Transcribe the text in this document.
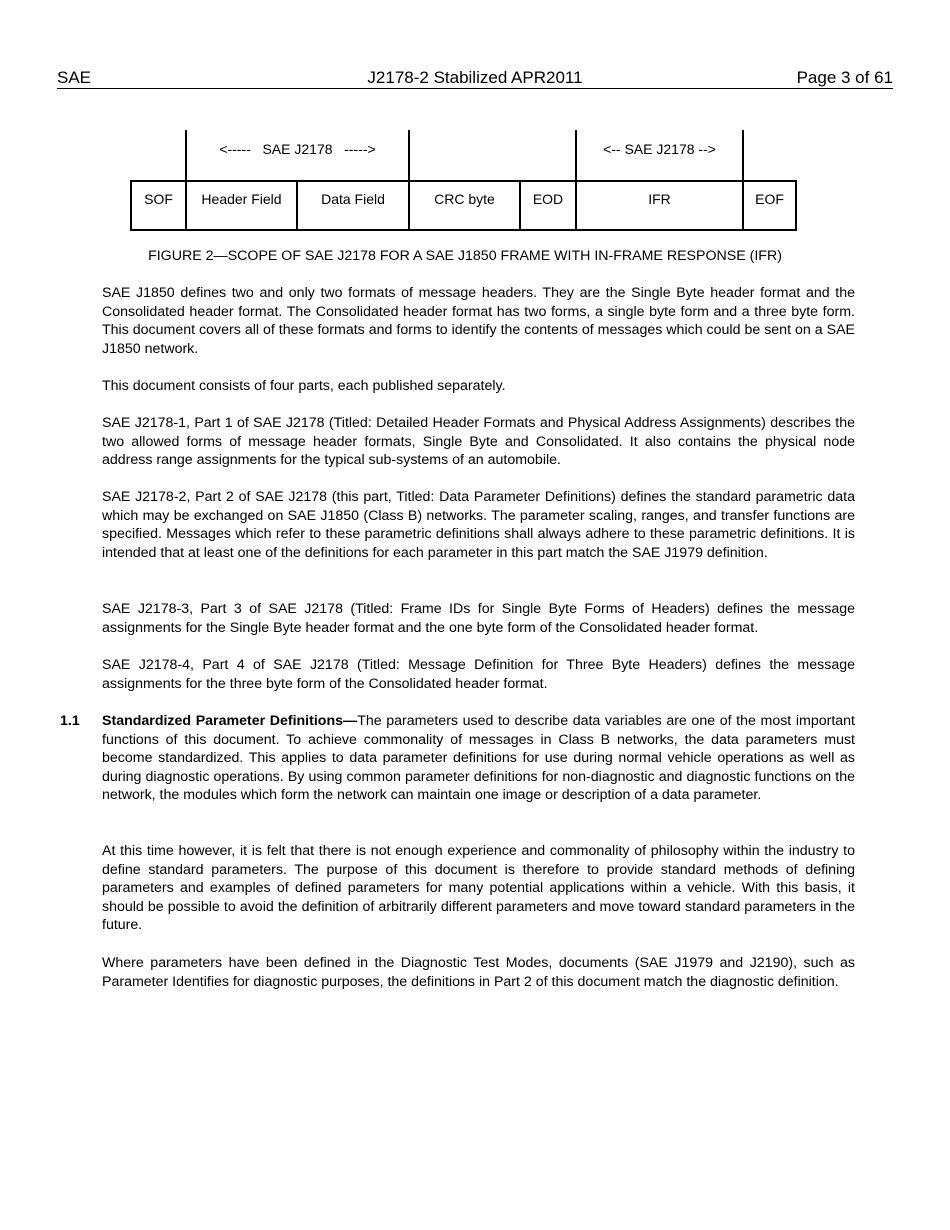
SAE	J2178-2 Stabilized APR2011	Page 3 of 61
<-----   SAE J2178   ----->	<-- SAE J2178 -->
SOF	Header Field	Data Field	CRC byte	EOD	IFR	EOF
FIGURE 2—SCOPE OF SAE J2178 FOR A SAE J1850 FRAME WITH IN-FRAME RESPONSE (IFR)

SAE J1850 defines two and only two formats of message headers. They are the Single Byte header format and the Consolidated header format. The Consolidated header format has two forms, a single byte form and a three byte form. This document covers all of these formats and forms to identify the contents of messages which could be sent on a SAE J1850 network.

This document consists of four parts, each published separately.

SAE J2178-1, Part 1 of SAE J2178 (Titled: Detailed Header Formats and Physical Address Assignments) describes the two allowed forms of message header formats, Single Byte and Consolidated. It also contains the physical node address range assignments for the typical sub-systems of an automobile.

SAE J2178-2, Part 2 of SAE J2178 (this part, Titled: Data Parameter Definitions) defines the standard parametric data which may be exchanged on SAE J1850 (Class B) networks. The parameter scaling, ranges, and transfer functions are specified. Messages which refer to these parametric definitions shall always adhere to these parametric definitions. It is intended that at least one of the definitions for each parameter in this part match the SAE J1979 definition.

SAE J2178-3, Part 3 of SAE J2178 (Titled: Frame IDs for Single Byte Forms of Headers) defines the message assignments for the Single Byte header format and the one byte form of the Consolidated header format.

SAE J2178-4, Part 4 of SAE J2178 (Titled: Message Definition for Three Byte Headers) defines the message assignments for the three byte form of the Consolidated header format.

1.1 Standardized Parameter Definitions—The parameters used to describe data variables are one of the most important functions of this document. To achieve commonality of messages in Class B networks, the data parameters must become standardized. This applies to data parameter definitions for use during normal vehicle operations as well as during diagnostic operations. By using common parameter definitions for non-diagnostic and diagnostic functions on the network, the modules which form the network can maintain one image or description of a data parameter.

At this time however, it is felt that there is not enough experience and commonality of philosophy within the industry to define standard parameters. The purpose of this document is therefore to provide standard methods of defining parameters and examples of defined parameters for many potential applications within a vehicle. With this basis, it should be possible to avoid the definition of arbitrarily different parameters and move toward standard parameters in the future.

Where parameters have been defined in the Diagnostic Test Modes, documents (SAE J1979 and J2190), such as Parameter Identifies for diagnostic purposes, the definitions in Part 2 of this document match the diagnostic definition.
